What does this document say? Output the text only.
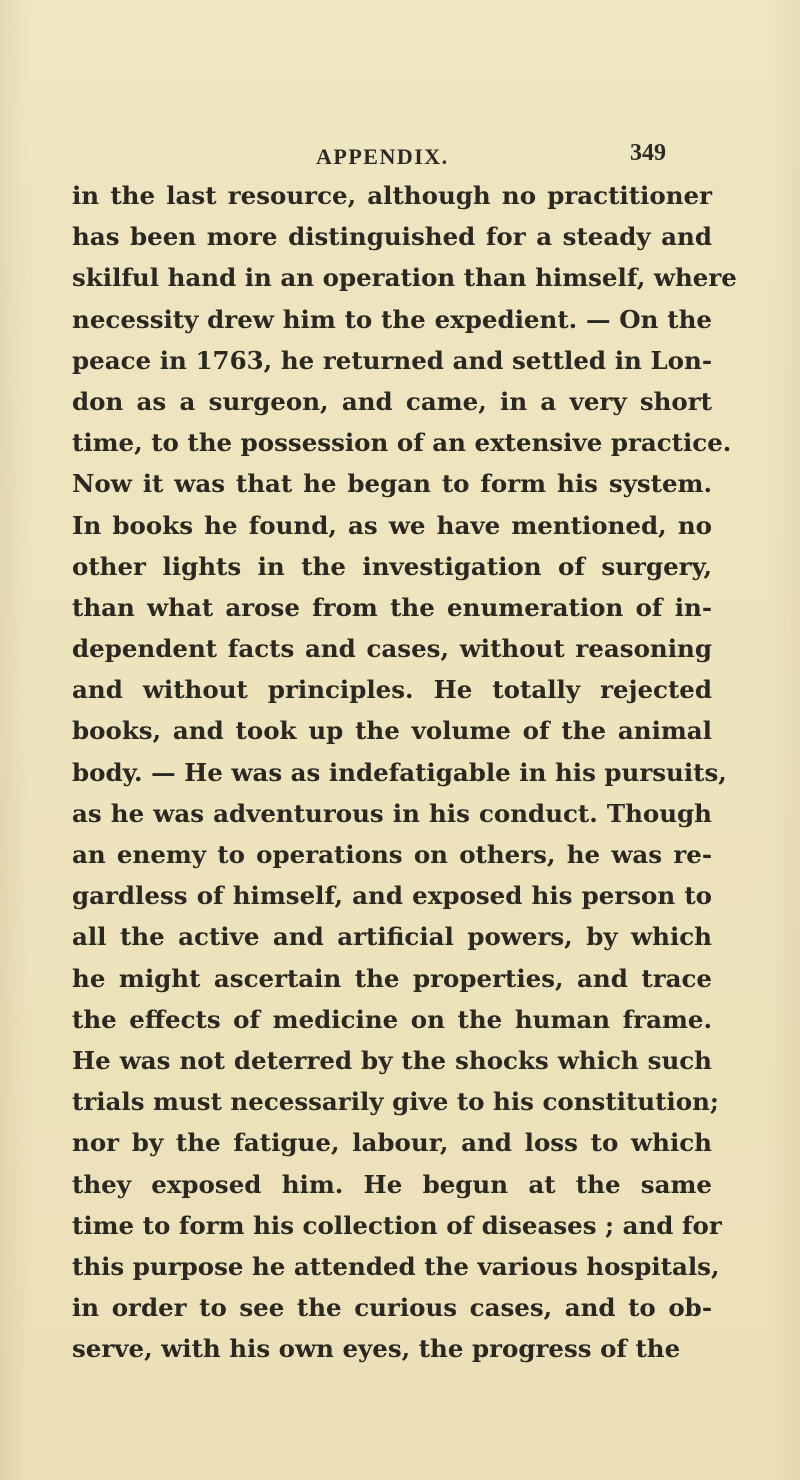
APPENDIX.	349
in the last resource, although no practitioner
has been more distinguished for a steady and
skilful hand in an operation than himself, where
necessity drew him to the expedient. — On the
peace in 1763, he returned and settled in Lon-
don as a surgeon, and came, in a very short
time, to the possession of an extensive practice.
Now it was that he began to form his system.
In books he found, as we have mentioned, no
other lights in the investigation of surgery,
than what arose from the enumeration of in-
dependent facts and cases, without reasoning
and without principles. He totally rejected
books, and took up the volume of the animal
body. — He was as indefatigable in his pursuits,
as he was adventurous in his conduct. Though
an enemy to operations on others, he was re-
gardless of himself, and exposed his person to
all the active and artificial powers, by which
he might ascertain the properties, and trace
the effects of medicine on the human frame.
He was not deterred by the shocks which such
trials must necessarily give to his constitution;
nor by the fatigue, labour, and loss to which
they exposed him. He begun at the same
time to form his collection of diseases ; and for
this purpose he attended the various hospitals,
in order to see the curious cases, and to ob-
serve, with his own eyes, the progress of the
